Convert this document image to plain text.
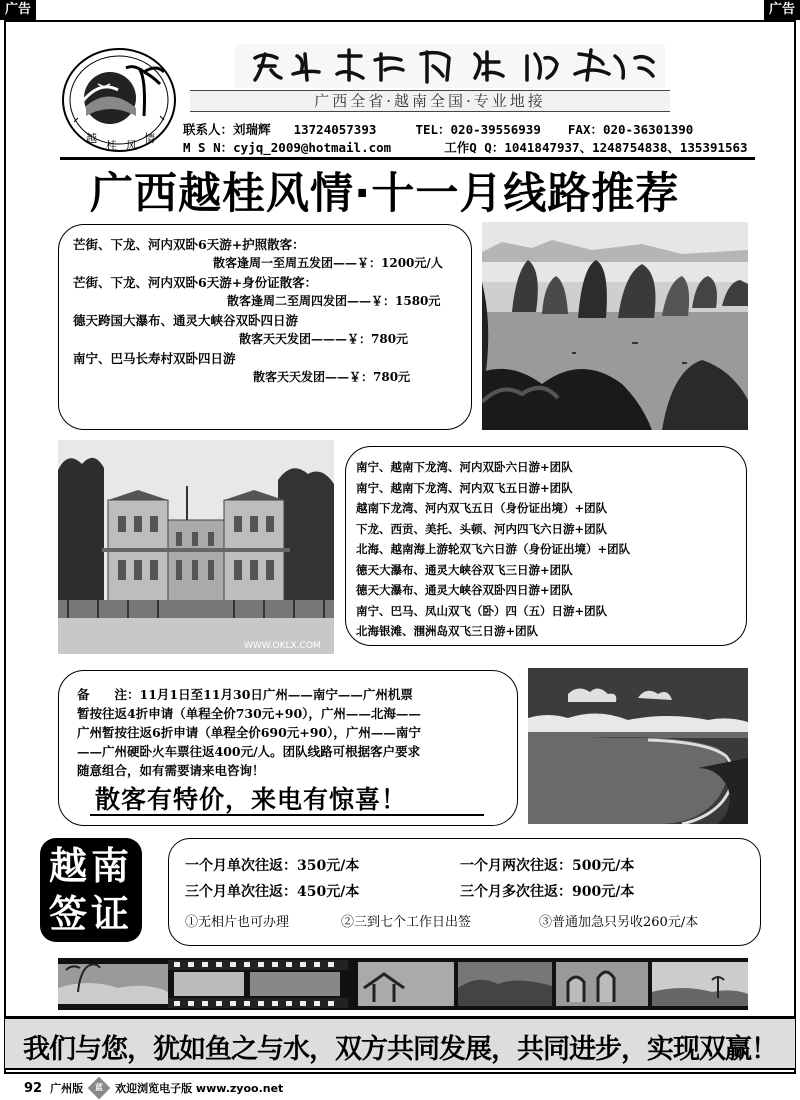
广告	广告
越
桂 风
情
广西全省·越南全国·专业地接
联系人：刘瑞辉 13724057393	TEL：020-39556939 FAX：020-36301390
M S N：cyjq_2009@hotmail.com	工作Q Q：1041847937、1248754838、135391563
广西越桂风情·十一月线路推荐
芒街、下龙、河内双卧6天游+护照散客：
散客逢周一至周五发团——￥：1200元/人
芒街、下龙、河内双卧6天游+身份证散客：
散客逢周二至周四发团——￥：1580元
德天跨国大瀑布、通灵大峡谷双卧四日游
散客天天发团———￥：780元
南宁、巴马长寿村双卧四日游
散客天天发团——￥：780元
WWW.OKLX.COM
南宁、越南下龙湾、河内双卧六日游+团队
南宁、越南下龙湾、河内双飞五日游+团队
越南下龙湾、河内双飞五日（身份证出境）+团队
下龙、西贡、美托、头顿、河内四飞六日游+团队
北海、越南海上游轮双飞六日游（身份证出境）+团队
德天大瀑布、通灵大峡谷双飞三日游+团队
德天大瀑布、通灵大峡谷双卧四日游+团队
南宁、巴马、凤山双飞（卧）四（五）日游+团队
北海银滩、涠洲岛双飞三日游+团队
备　　注：11月1日至11月30日广州——南宁——广州机票
暂按往返4折申请（单程全价730元+90），广州——北海——
广州暂按往返6折申请（单程全价690元+90），广州——南宁
——广州硬卧火车票往返400元/人。团队线路可根据客户要求
随意组合，如有需要请来电咨询！
散客有特价，来电有惊喜！
越南
签证
一个月单次往返：350元/本	一个月两次往返：500元/本
三个月单次往返：450元/本	三个月多次往返：900元/本
①无相片也可办理	②三到七个工作日出签	③普通加急只另收260元/本
我们与您，犹如鱼之与水，双方共同发展，共同进步，实现双赢！
92 广州版	蓝	欢迎浏览电子版 www.zyoo.net
